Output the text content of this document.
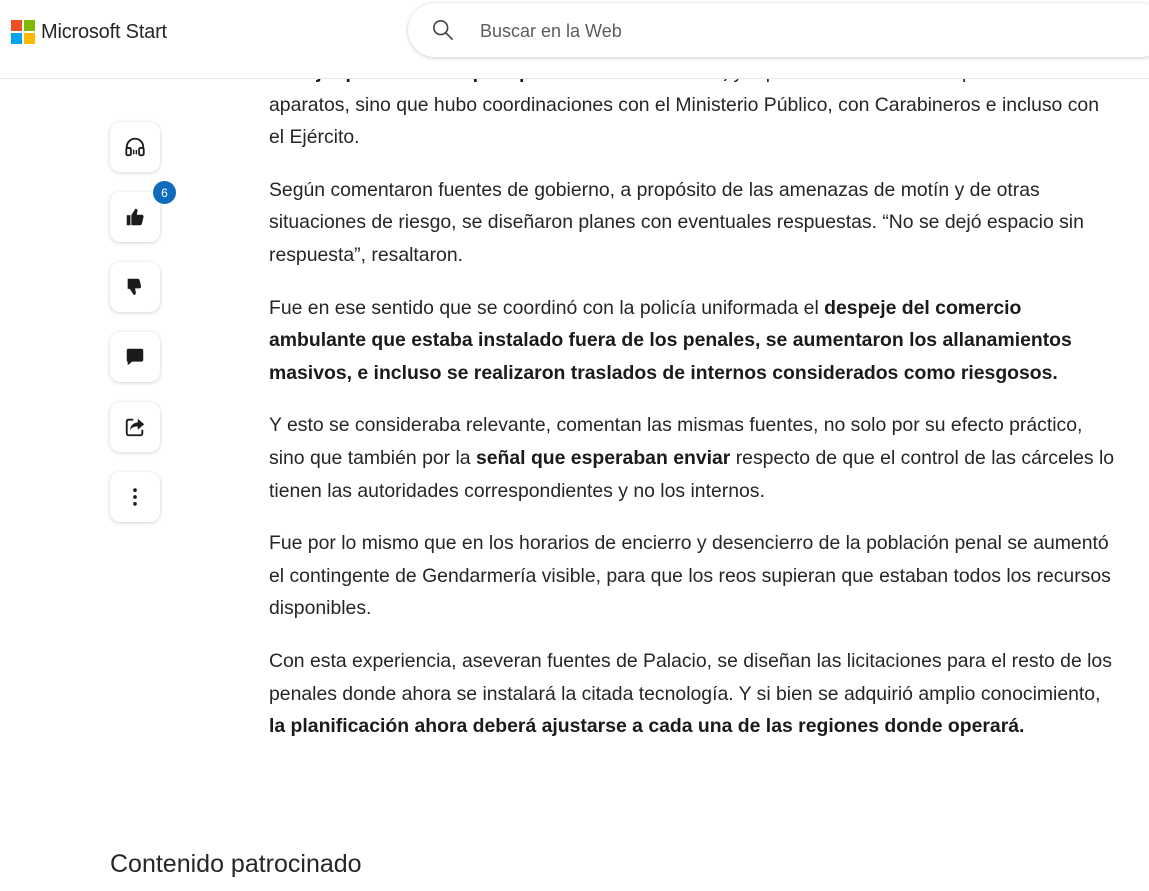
Microsoft Start
Buscar en la Web

aparatos, sino que hubo coordinaciones con el Ministerio Público, con Carabineros e incluso con el Ejército.

Según comentaron fuentes de gobierno, a propósito de las amenazas de motín y de otras situaciones de riesgo, se diseñaron planes con eventuales respuestas. “No se dejó espacio sin respuesta”, resaltaron.

Fue en ese sentido que se coordinó con la policía uniformada el despeje del comercio ambulante que estaba instalado fuera de los penales, se aumentaron los allanamientos masivos, e incluso se realizaron traslados de internos considerados como riesgosos.

Y esto se consideraba relevante, comentan las mismas fuentes, no solo por su efecto práctico, sino que también por la señal que esperaban enviar respecto de que el control de las cárceles lo tienen las autoridades correspondientes y no los internos.

Fue por lo mismo que en los horarios de encierro y desencierro de la población penal se aumentó el contingente de Gendarmería visible, para que los reos supieran que estaban todos los recursos disponibles.

Con esta experiencia, aseveran fuentes de Palacio, se diseñan las licitaciones para el resto de los penales donde ahora se instalará la citada tecnología. Y si bien se adquirió amplio conocimiento, la planificación ahora deberá ajustarse a cada una de las regiones donde operará.

6
Contenido patrocinado
